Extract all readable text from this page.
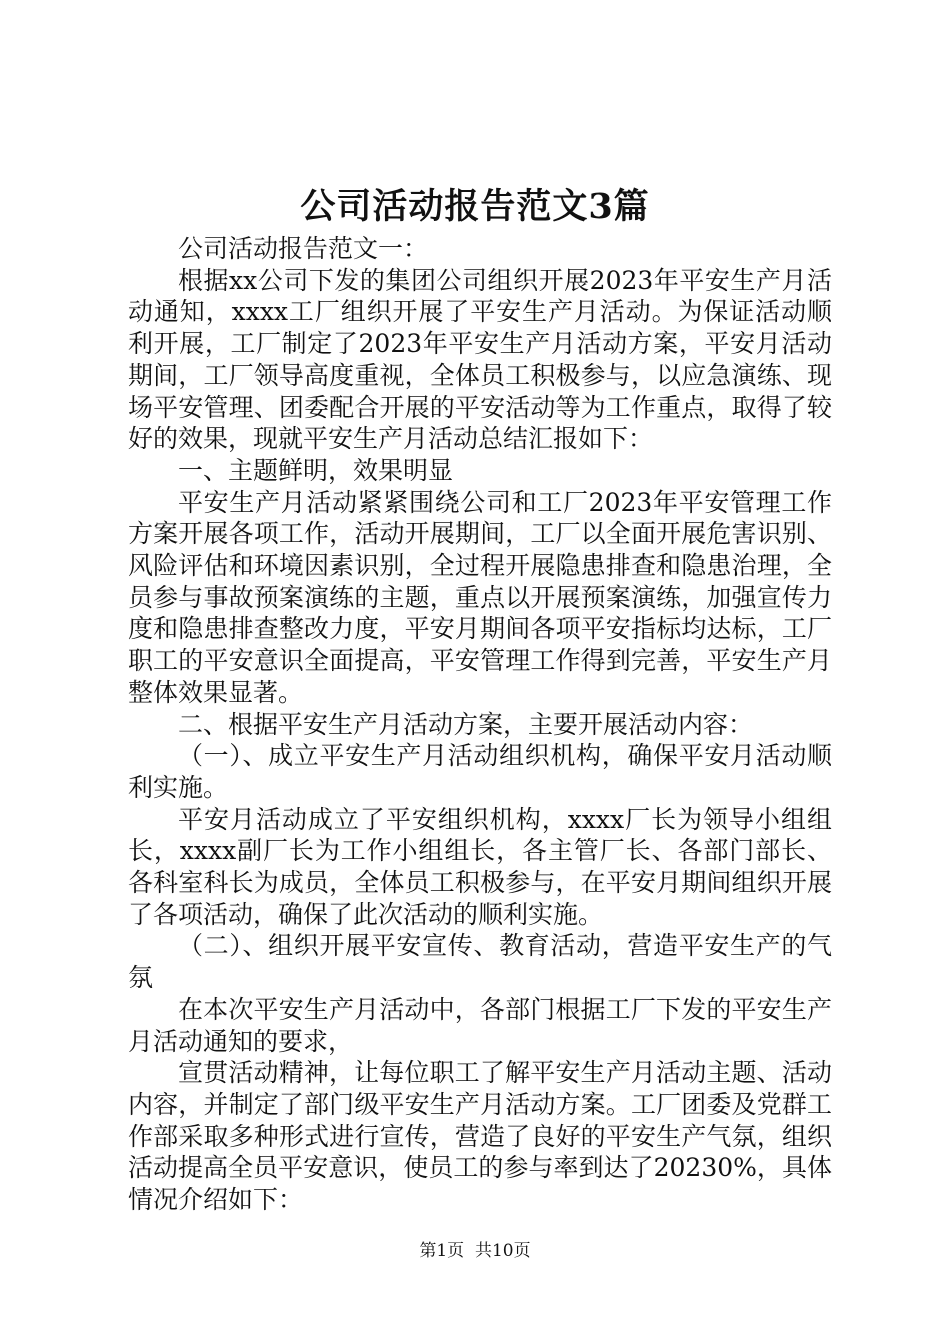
公司活动报告范文3篇

公司活动报告范文一：

根据xx公司下发的集团公司组织开展2023年平安生产月活动通知，xxxx工厂组织开展了平安生产月活动。为保证活动顺利开展，工厂制定了2023年平安生产月活动方案，平安月活动期间，工厂领导高度重视，全体员工积极参与，以应急演练、现场平安管理、团委配合开展的平安活动等为工作重点，取得了较好的效果，现就平安生产月活动总结汇报如下：

一、主题鲜明，效果明显

平安生产月活动紧紧围绕公司和工厂2023年平安管理工作方案开展各项工作，活动开展期间，工厂以全面开展危害识别、风险评估和环境因素识别，全过程开展隐患排查和隐患治理，全员参与事故预案演练的主题，重点以开展预案演练，加强宣传力度和隐患排查整改力度，平安月期间各项平安指标均达标，工厂职工的平安意识全面提高，平安管理工作得到完善，平安生产月整体效果显著。

二、根据平安生产月活动方案，主要开展活动内容：

（一）、成立平安生产月活动组织机构，确保平安月活动顺利实施。

平安月活动成立了平安组织机构，xxxx厂长为领导小组组长，xxxx副厂长为工作小组组长，各主管厂长、各部门部长、各科室科长为成员，全体员工积极参与，在平安月期间组织开展了各项活动，确保了此次活动的顺利实施。

（二）、组织开展平安宣传、教育活动，营造平安生产的气氛

在本次平安生产月活动中，各部门根据工厂下发的平安生产月活动通知的要求，

宣贯活动精神，让每位职工了解平安生产月活动主题、活动内容，并制定了部门级平安生产月活动方案。工厂团委及党群工作部采取多种形式进行宣传，营造了良好的平安生产气氛，组织活动提高全员平安意识，使员工的参与率到达了20230%，具体情况介绍如下：

第1页  共10页
